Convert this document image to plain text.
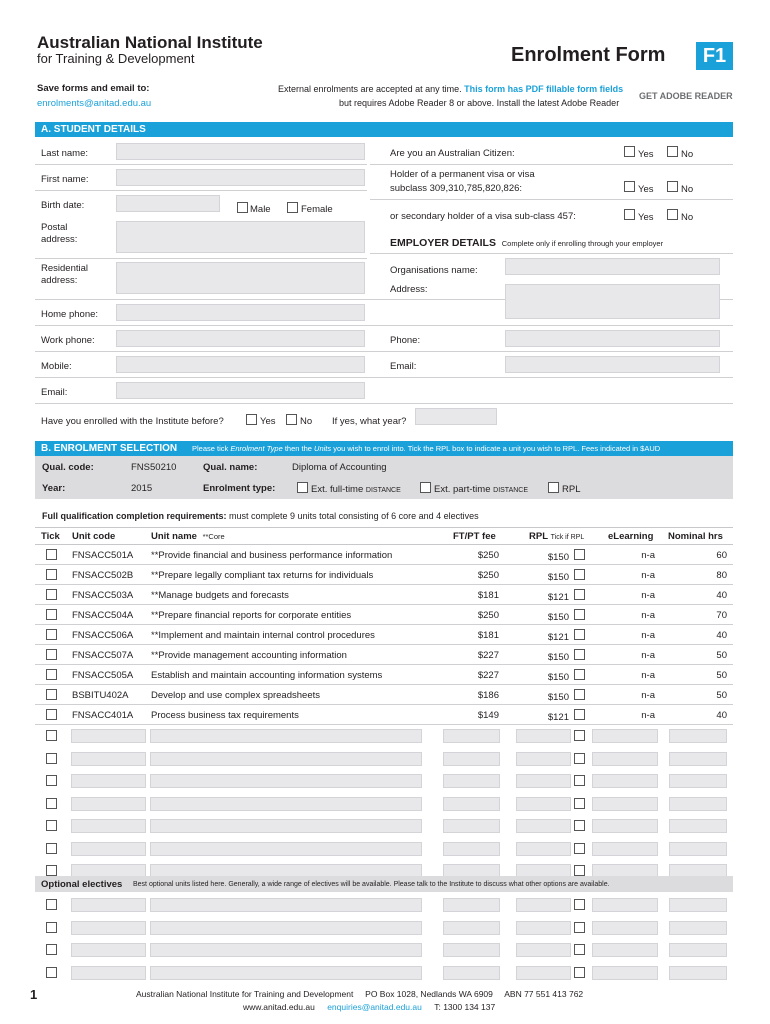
Australian National Institute
for Training & Development	Enrolment Form	F1
Save forms and email to:
enrolments@anitad.edu.au
External enrolments are accepted at any time. This form has PDF fillable form fields
but requires Adobe Reader 8 or above. Install the latest Adobe Reader
GET ADOBE READER
A. STUDENT DETAILS
Last name:
First name:
Birth date:	Male	Female
Postal
address:
Residential
address:
Home phone:
Work phone:
Mobile:
Email:
Have you enrolled with the Institute before?	Yes	No If yes, what year?
Are you an Australian Citizen:	Yes	No
Holder of a permanent visa or visa
subclass 309,310,785,820,826:	Yes	No
or secondary holder of a visa sub-class 457:	Yes	No
EMPLOYER DETAILS Complete only if enrolling through your employer
Organisations name:
Address:
Phone:
Email:
B. ENROLMENT SELECTION Please tick Enrolment Type then the Units you wish to enrol into. Tick the RPL box to indicate a unit you wish to RPL. Fees indicated in $AUD
Qual. code:	FNS50210	Qual. name:	Diploma of Accounting
Year:	2015	Enrolment type:	Ext. full-time DISTANCE	Ext. part-time DISTANCE	RPL
Full qualification completion requirements: must complete 9 units total consisting of 6 core and 4 electives
Tick Unit code	Unit name **Core	FT/PT fee	RPL Tick if RPL	eLearning Nominal hrs
FNSACC501A **Provide financial and business performance information	$250	$150	n-a	60
FNSACC502B **Prepare legally compliant tax returns for individuals	$250	$150	n-a	80
FNSACC503A **Manage budgets and forecasts	$181	$121	n-a	40
FNSACC504A **Prepare financial reports for corporate entities	$250	$150	n-a	70
FNSACC506A **Implement and maintain internal control procedures	$181	$121	n-a	40
FNSACC507A **Provide management accounting information	$227	$150	n-a	50
FNSACC505A Establish and maintain accounting information systems	$227	$150	n-a	50
BSBITU402A Develop and use complex spreadsheets	$186	$150	n-a	50
FNSACC401A Process business tax requirements	$149	$121	n-a	40
Optional electives Best optional units listed here. Generally, a wide range of electives will be available. Please talk to the Institute to discuss what other options are available.
1	Australian National Institute for Training and Development     PO Box 1028, Nedlands WA 6909     ABN 77 551 413 762
www.anitad.edu.au enquiries@anitad.edu.au T: 1300 134 137
